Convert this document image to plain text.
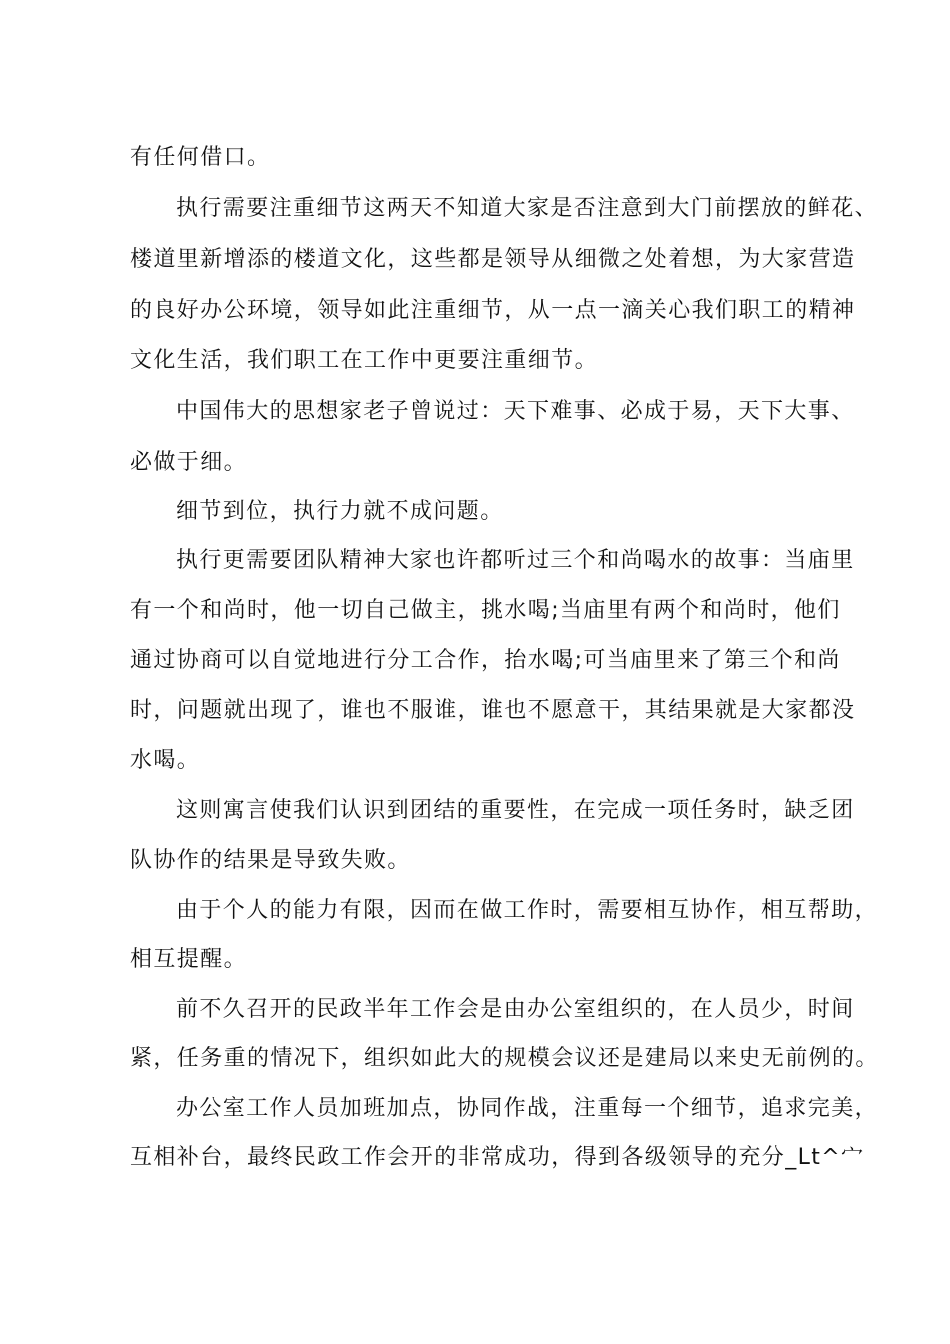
有任何借口。
执行需要注重细节这两天不知道大家是否注意到大门前摆放的鲜花、
楼道里新增添的楼道文化，这些都是领导从细微之处着想，为大家营造
的良好办公环境，领导如此注重细节，从一点一滴关心我们职工的精神
文化生活，我们职工在工作中更要注重细节。
中国伟大的思想家老子曾说过：天下难事、必成于易，天下大事、
必做于细。
细节到位，执行力就不成问题。
执行更需要团队精神大家也许都听过三个和尚喝水的故事：当庙里
有一个和尚时，他一切自己做主，挑水喝;当庙里有两个和尚时，他们
通过协商可以自觉地进行分工合作，抬水喝;可当庙里来了第三个和尚
时，问题就出现了，谁也不服谁，谁也不愿意干，其结果就是大家都没
水喝。
这则寓言使我们认识到团结的重要性，在完成一项任务时，缺乏团
队协作的结果是导致失败。
由于个人的能力有限，因而在做工作时，需要相互协作，相互帮助，
相互提醒。
前不久召开的民政半年工作会是由办公室组织的，在人员少，时间
紧，任务重的情况下，组织如此大的规模会议还是建局以来史无前例的。
办公室工作人员加班加点，协同作战，注重每一个细节，追求完美，
互相补台，最终民政工作会开的非常成功，得到各级领导的充分_Lt^宀
